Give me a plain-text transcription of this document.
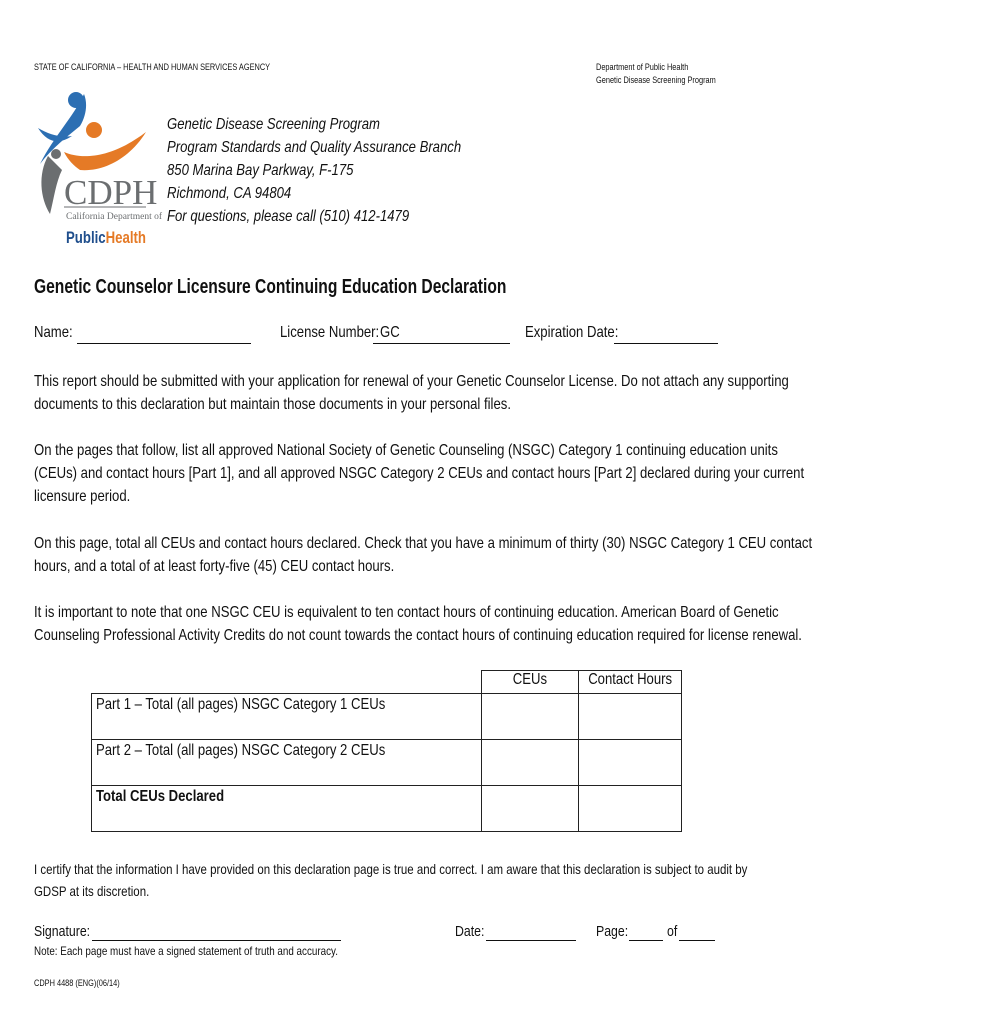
STATE OF CALIFORNIA – HEALTH AND HUMAN SERVICES AGENCY	Department of Public Health
Genetic Disease Screening Program
CDPH
California Department of
PublicHealth
Genetic Disease Screening Program
Program Standards and Quality Assurance Branch
850 Marina Bay Parkway, F-175
Richmond, CA 94804
For questions, please call (510) 412-1479
Genetic Counselor Licensure Continuing Education Declaration
Name:	License Number: GC	Expiration Date:
This report should be submitted with your application for renewal of your Genetic Counselor License. Do not attach any supporting
documents to this declaration but maintain those documents in your personal files.
On the pages that follow, list all approved National Society of Genetic Counseling (NSGC) Category 1 continuing education units
(CEUs) and contact hours [Part 1], and all approved NSGC Category 2 CEUs and contact hours [Part 2] declared during your current
licensure period.
On this page, total all CEUs and contact hours declared. Check that you have a minimum of thirty (30) NSGC Category 1 CEU contact
hours, and a total of at least forty-five (45) CEU contact hours.
It is important to note that one NSGC CEU is equivalent to ten contact hours of continuing education. American Board of Genetic
Counseling Professional Activity Credits do not count towards the contact hours of continuing education required for license renewal.
	CEUs	Contact Hours
Part 1 – Total (all pages) NSGC Category 1 CEUs		
Part 2 – Total (all pages) NSGC Category 2 CEUs		
Total CEUs Declared		
I certify that the information I have provided on this declaration page is true and correct. I am aware that this declaration is subject to audit by
GDSP at its discretion.
Signature:	Date:	Page:	of
Note: Each page must have a signed statement of truth and accuracy.
CDPH 4488 (ENG)(06/14)
